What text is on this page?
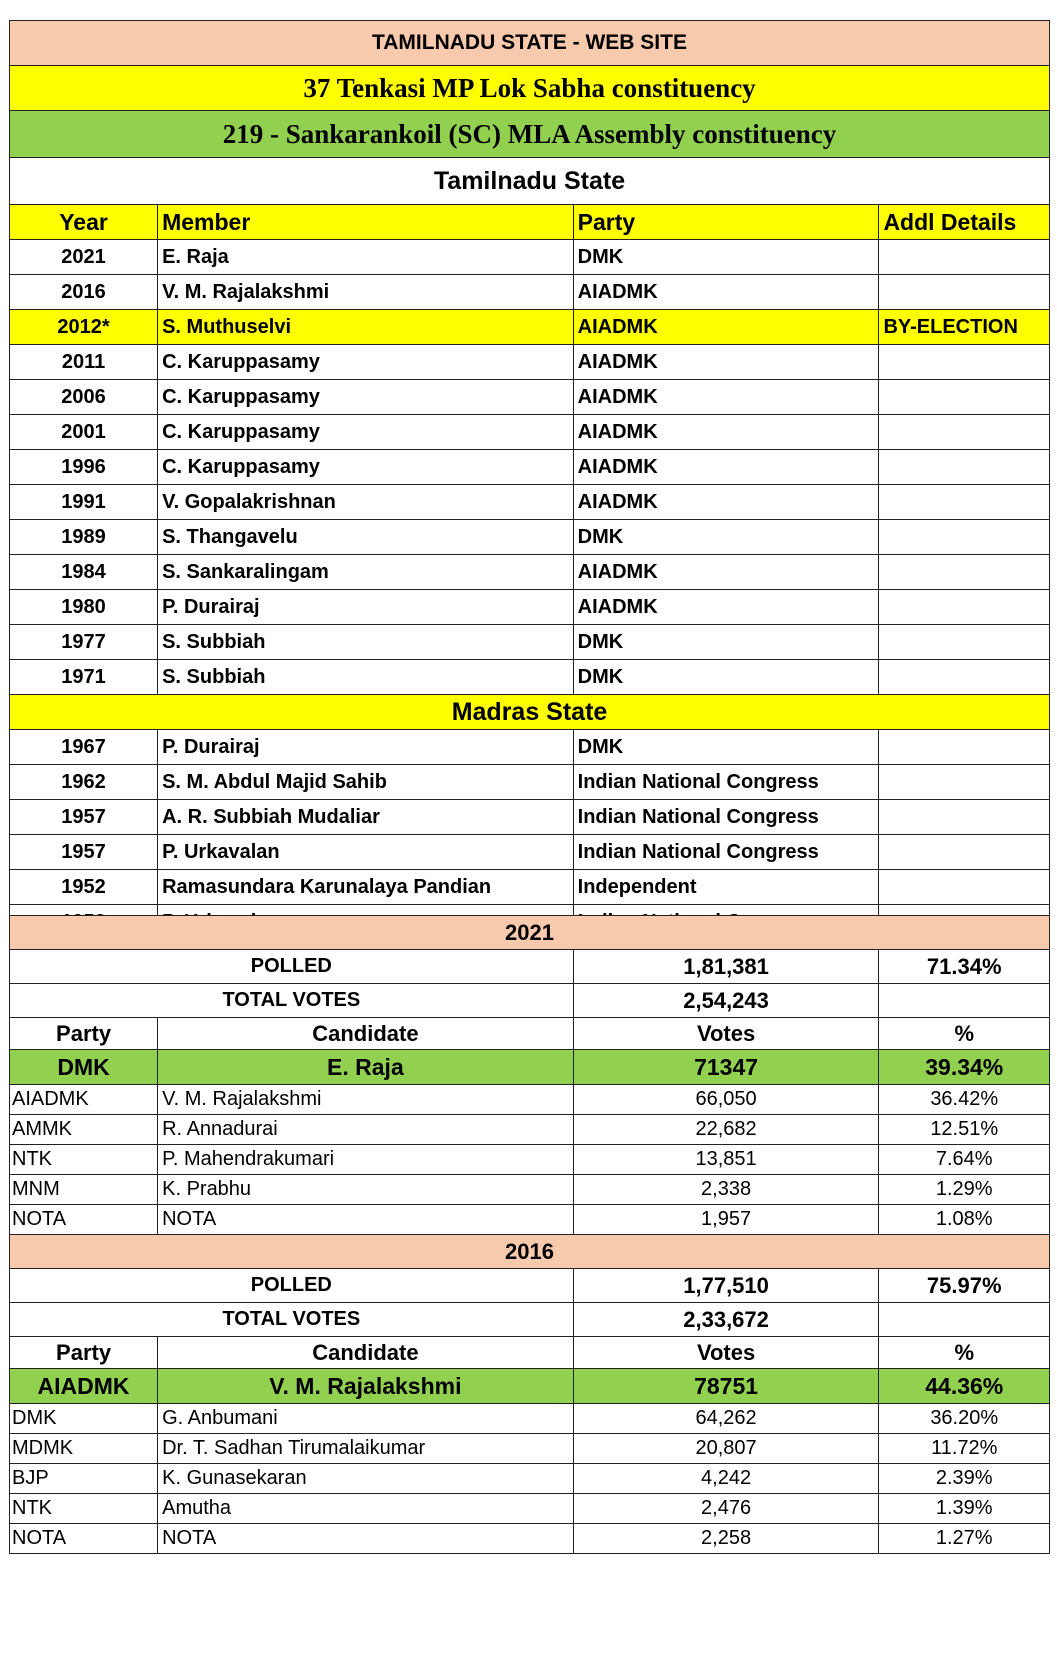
TAMILNADU STATE - WEB SITE			
37 Tenkasi MP Lok Sabha constituency			
219 - Sankarankoil (SC) MLA Assembly constituency			
Tamilnadu State			
Year	Member	Party	Addl Details
2021	E. Raja	DMK	
2016	V. M. Rajalakshmi	AIADMK	
2012*	S. Muthuselvi	AIADMK	BY-ELECTION
2011	C. Karuppasamy	AIADMK	
2006	C. Karuppasamy	AIADMK	
2001	C. Karuppasamy	AIADMK	
1996	C. Karuppasamy	AIADMK	
1991	V. Gopalakrishnan	AIADMK	
1989	S. Thangavelu	DMK	
1984	S. Sankaralingam	AIADMK	
1980	P. Durairaj	AIADMK	
1977	S. Subbiah	DMK	
1971	S. Subbiah	DMK	
Madras State			
1967	P. Durairaj	DMK	
1962	S. M. Abdul Majid Sahib	Indian National Congress	
1957	A. R. Subbiah Mudaliar	Indian National Congress	
1957	P. Urkavalan	Indian National Congress	
1952	Ramasundara Karunalaya Pandian	Independent	
1952	P. Urkavalan	Indian National Congress	
2021			
POLLED		1,81,381	71.34%
TOTAL VOTES		2,54,243	
Party	Candidate	Votes	%
DMK	E. Raja	71347	39.34%
AIADMK	V. M. Rajalakshmi	66,050	36.42%
AMMK	R. Annadurai	22,682	12.51%
NTK	P. Mahendrakumari	13,851	7.64%
MNM	K. Prabhu	2,338	1.29%
NOTA	NOTA	1,957	1.08%
2016			
POLLED		1,77,510	75.97%
TOTAL VOTES		2,33,672	
Party	Candidate	Votes	%
AIADMK	V. M. Rajalakshmi	78751	44.36%
DMK	G. Anbumani	64,262	36.20%
MDMK	Dr. T. Sadhan Tirumalaikumar	20,807	11.72%
BJP	K. Gunasekaran	4,242	2.39%
NTK	Amutha	2,476	1.39%
NOTA	NOTA	2,258	1.27%
